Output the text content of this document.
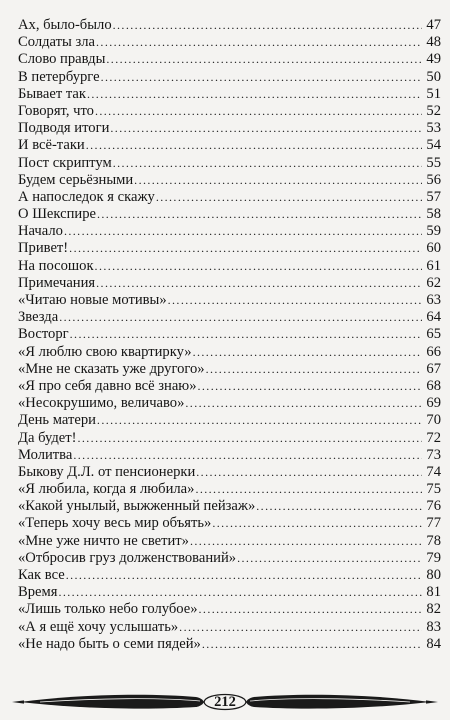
Ах, было-было .....	47
Солдаты зла .....	48
Слово правды .....	49
В петербурге .....	50
Бывает так .....	51
Говорят, что .....	52
Подводя итоги .....	53
И всё-таки .....	54
Пост скриптум .....	55
Будем серьёзными .....	56
А напоследок я скажу .....	57
О Шекспире .....	58
Начало .....	59
Привет! .....	60
На посошок .....	61
Примечания .....	62
«Читаю новые мотивы» .....	63
Звезда .....	64
Восторг .....	65
«Я люблю свою квартирку» .....	66
«Мне не сказать уже другого» .....	67
«Я про себя давно всё знаю» .....	68
«Несокрушимо, величаво» .....	69
День матери .....	70
Да будет! .....	72
Молитва .....	73
Быкову Д.Л. от пенсионерки .....	74
«Я любила, когда я любила» .....	75
«Какой унылый, выжженный пейзаж» .....	76
«Теперь хочу весь мир объять» .....	77
«Мне уже ничто не светит» .....	78
«Отбросив груз долженствований» .....	79
Как все .....	80
Время .....	81
«Лишь только небо голубое» .....	82
«А я ещё хочу услышать» .....	83
«Не надо быть о семи пядей» .....	84
212
